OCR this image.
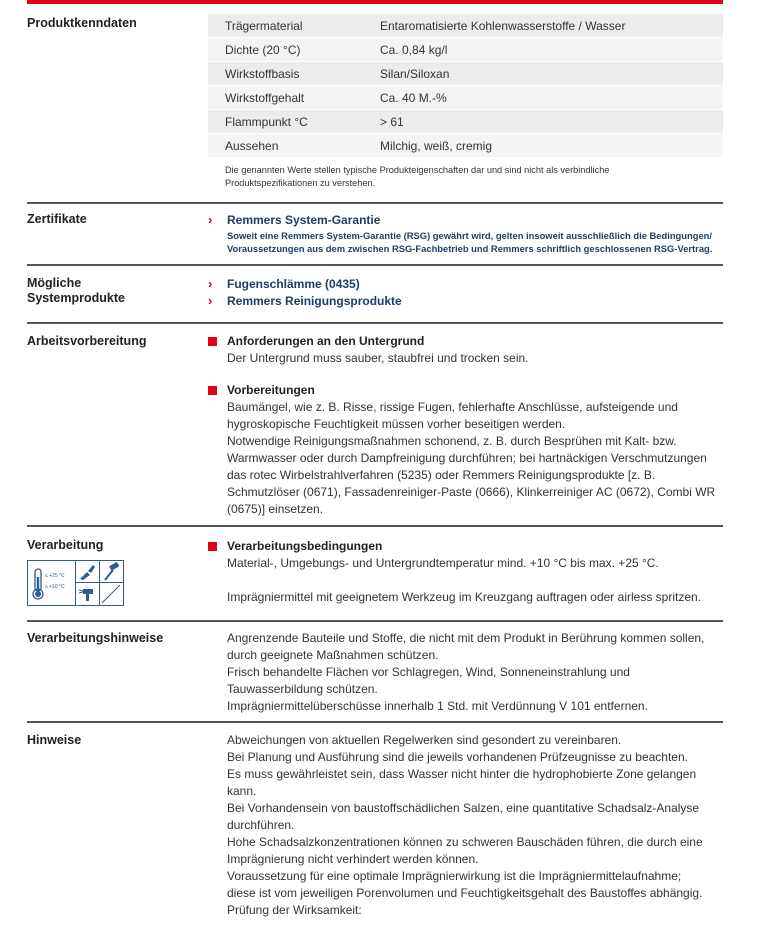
Produktkenndaten	Trägermaterial	Entaromatisierte Kohlenwasserstoffe / Wasser
Dichte (20 °C)	Ca. 0,84 kg/l
Wirkstoffbasis	Silan/Siloxan
Wirkstoffgehalt	Ca. 40 M.-%
Flammpunkt °C	> 61
Aussehen	Milchig, weiß, cremig
Die genannten Werte stellen typische Produkteigenschaften dar und sind nicht als verbindliche
Produktspezifikationen zu verstehen.
Zertifikate	›	Remmers System-Garantie
Soweit eine Remmers System-Garantie (RSG) gewährt wird, gelten insoweit ausschließlich die Bedingungen/
Voraussetzungen aus dem zwischen RSG-Fachbetrieb und Remmers schriftlich geschlossenen RSG-Vertrag.
Mögliche
Systemprodukte
›	Fugenschlämme (0435)
›	Remmers Reinigungsprodukte
Arbeitsvorbereitung	Anforderungen an den Untergrund
Der Untergrund muss sauber, staubfrei und trocken sein.
Vorbereitungen
Baumängel, wie z. B. Risse, rissige Fugen, fehlerhafte Anschlüsse, aufsteigende und
hygroskopische Feuchtigkeit müssen vorher beseitigen werden.
Notwendige Reinigungsmaßnahmen schonend, z. B. durch Besprühen mit Kalt- bzw.
Warmwasser oder durch Dampfreinigung durchführen; bei hartnäckigen Verschmutzungen
das rotec Wirbelstrahlverfahren (5235) oder Remmers Reinigungsprodukte [z. B.
Schmutzlöser (0671), Fassadenreiniger-Paste (0666), Klinkerreiniger AC (0672), Combi WR
(0675)] einsetzen.
Verarbeitung
≤ +25 °C
≥ +10 °C
Verarbeitungsbedingungen
Material-, Umgebungs- und Untergrundtemperatur mind. +10 °C bis max. +25 °C.
Imprägniermittel mit geeignetem Werkzeug im Kreuzgang auftragen oder airless spritzen.
Verarbeitungshinweise	Angrenzende Bauteile und Stoffe, die nicht mit dem Produkt in Berührung kommen sollen,
durch geeignete Maßnahmen schützen.
Frisch behandelte Flächen vor Schlagregen, Wind, Sonneneinstrahlung und
Tauwasserbildung schützen.
Imprägniermittelüberschüsse innerhalb 1 Std. mit Verdünnung V 101 entfernen.
Hinweise	Abweichungen von aktuellen Regelwerken sind gesondert zu vereinbaren.
Bei Planung und Ausführung sind die jeweils vorhandenen Prüfzeugnisse zu beachten.
Es muss gewährleistet sein, dass Wasser nicht hinter die hydrophobierte Zone gelangen
kann.
Bei Vorhandensein von baustoffschädlichen Salzen, eine quantitative Schadsalz-Analyse
durchführen.
Hohe Schadsalzkonzentrationen können zu schweren Bauschäden führen, die durch eine
Imprägnierung nicht verhindert werden können.
Voraussetzung für eine optimale Imprägnierwirkung ist die Imprägniermittelaufnahme;
diese ist vom jeweiligen Porenvolumen und Feuchtigkeitsgehalt des Baustoffes abhängig.
Prüfung der Wirksamkeit:
